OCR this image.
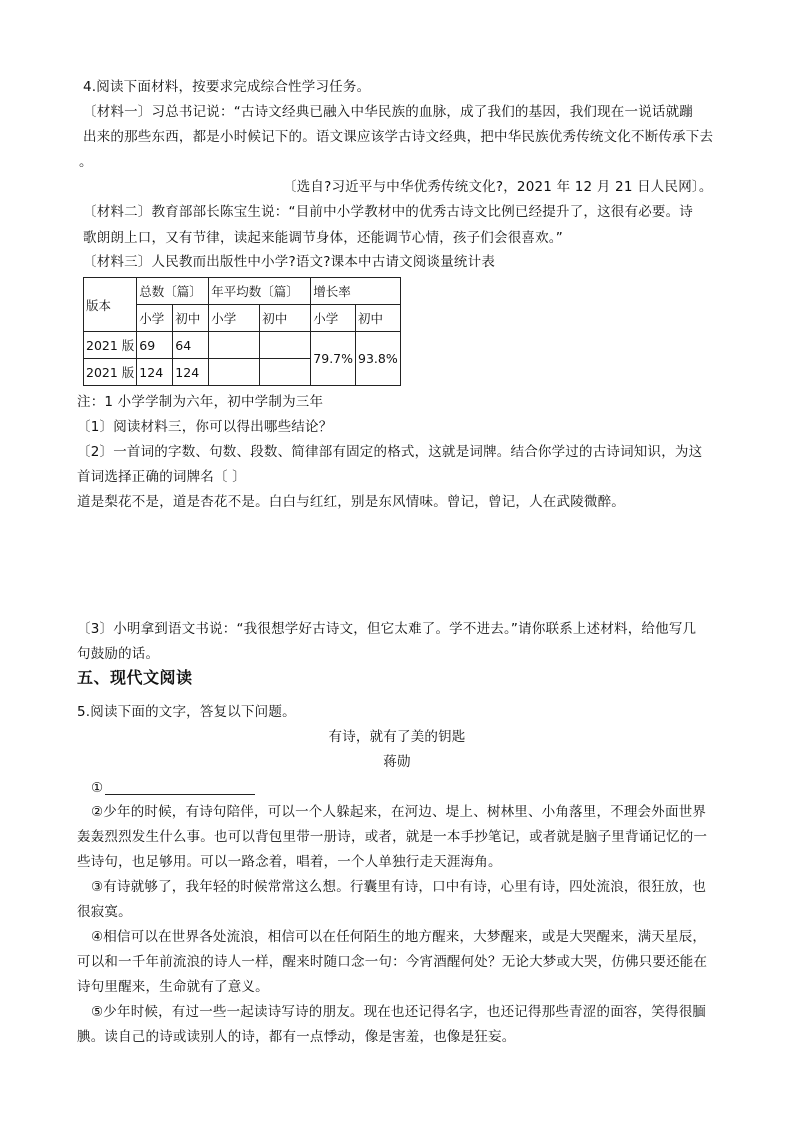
4.阅读下面材料，按要求完成综合性学习任务。
〔材料一〕习总书记说：“古诗文经典已融入中华民族的血脉，成了我们的基因，我们现在一说话就蹦
出来的那些东西，都是小时候记下的。语文课应该学古诗文经典，把中华民族优秀传统文化不断传承下去
。
〔选自?习近平与中华优秀传统文化?，2021 年 12 月 21 日人民网〕。
〔材料二〕教育部部长陈宝生说：“目前中小学教材中的优秀古诗文比例已经提升了，这很有必要。诗
歌朗朗上口，又有节律，读起来能调节身体，还能调节心情，孩子们会很喜欢。”
〔材料三〕人民教而出版性中小学?语文?课本中古请文阅谈量统计表
版本	总数〔篇〕		年平均数〔篇〕		增长率	
	小学	初中	小学	初中	小学	初中
2021 版	69	64			79.7%	93.8%
2021 版	124	124				
注：1 小学学制为六年，初中学制为三年
〔1〕阅读材料三，你可以得出哪些结论？
〔2〕一首词的字数、句数、段数、简律部有固定的格式，这就是词牌。结合你学过的古诗词知识，为这
首词选择正确的词牌名〔 〕
道是梨花不是，道是杏花不是。白白与红红，别是东风情味。曾记，曾记，人在武陵微醉。
〔3〕小明拿到语文书说：“我很想学好古诗文，但它太难了。学不进去。”请你联系上述材料，给他写几
句鼓励的话。
五、现代文阅读
5.阅读下面的文字，答复以下问题。
有诗，就有了美的钥匙
蒋勋
①
②少年的时候，有诗句陪伴，可以一个人躲起来，在河边、堤上、树林里、小角落里，不理会外面世界
轰轰烈烈发生什么事。也可以背包里带一册诗，或者，就是一本手抄笔记，或者就是脑子里背诵记忆的一
些诗句，也足够用。可以一路念着，唱着，一个人单独行走天涯海角。
③有诗就够了，我年轻的时候常常这么想。行囊里有诗，口中有诗，心里有诗，四处流浪，很狂放，也
很寂寞。
④相信可以在世界各处流浪，相信可以在任何陌生的地方醒来，大梦醒来，或是大哭醒来，满天星辰，
可以和一千年前流浪的诗人一样，醒来时随口念一句：今宵酒醒何处？无论大梦或大哭，仿佛只要还能在
诗句里醒来，生命就有了意义。
⑤少年时候，有过一些一起读诗写诗的朋友。现在也还记得名字，也还记得那些青涩的面容，笑得很腼
腆。读自己的诗或读别人的诗，都有一点悸动，像是害羞，也像是狂妄。
